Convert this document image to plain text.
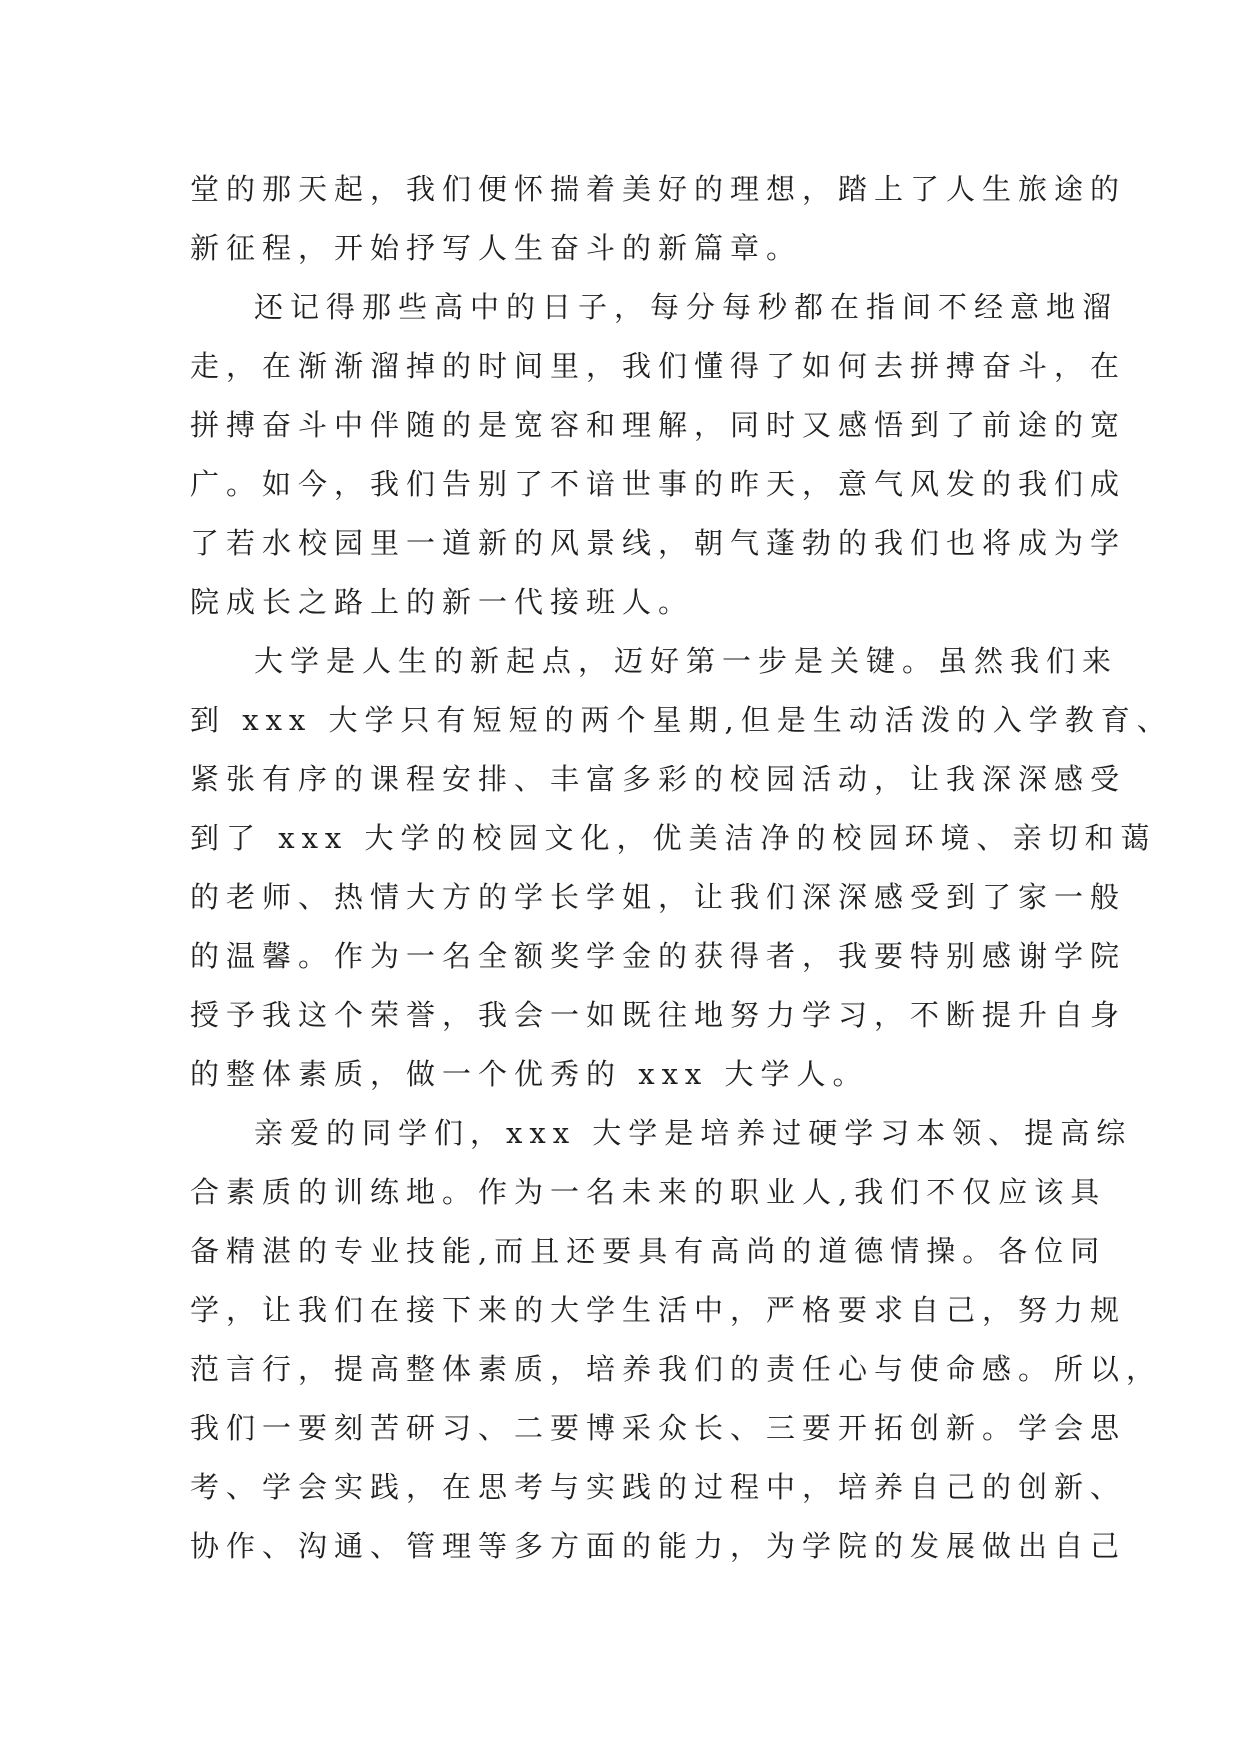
堂的那天起，我们便怀揣着美好的理想，踏上了人生旅途的
新征程，开始抒写人生奋斗的新篇章。
还记得那些高中的日子，每分每秒都在指间不经意地溜
走，在渐渐溜掉的时间里，我们懂得了如何去拼搏奋斗，在
拼搏奋斗中伴随的是宽容和理解，同时又感悟到了前途的宽
广。如今，我们告别了不谙世事的昨天，意气风发的我们成
了若水校园里一道新的风景线，朝气蓬勃的我们也将成为学
院成长之路上的新一代接班人。
大学是人生的新起点，迈好第一步是关键。虽然我们来
到 xxx 大学只有短短的两个星期,但是生动活泼的入学教育、
紧张有序的课程安排、丰富多彩的校园活动，让我深深感受
到了 xxx 大学的校园文化，优美洁净的校园环境、亲切和蔼
的老师、热情大方的学长学姐，让我们深深感受到了家一般
的温馨。作为一名全额奖学金的获得者，我要特别感谢学院
授予我这个荣誉，我会一如既往地努力学习，不断提升自身
的整体素质，做一个优秀的 xxx 大学人。
亲爱的同学们，xxx 大学是培养过硬学习本领、提高综
合素质的训练地。作为一名未来的职业人,我们不仅应该具
备精湛的专业技能,而且还要具有高尚的道德情操。各位同
学，让我们在接下来的大学生活中，严格要求自己，努力规
范言行，提高整体素质，培养我们的责任心与使命感。所以，
我们一要刻苦研习、二要博采众长、三要开拓创新。学会思
考、学会实践，在思考与实践的过程中，培养自己的创新、
协作、沟通、管理等多方面的能力，为学院的发展做出自己
